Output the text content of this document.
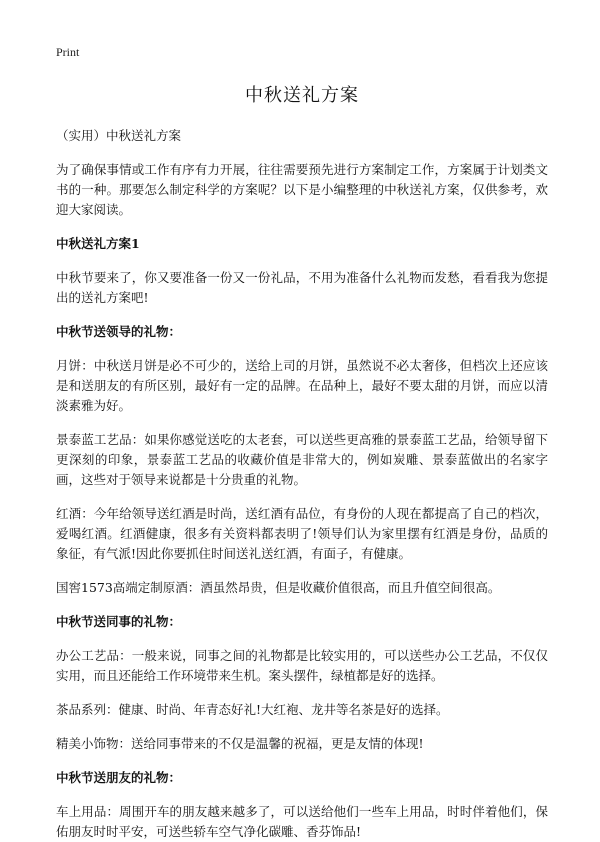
Print
中秋送礼方案

（实用）中秋送礼方案

为了确保事情或工作有序有力开展，往往需要预先进行方案制定工作，方案属于计划类文书的一种。那要怎么制定科学的方案呢？以下是小编整理的中秋送礼方案，仅供参考，欢迎大家阅读。

中秋送礼方案1

中秋节要来了，你又要准备一份又一份礼品，不用为准备什么礼物而发愁，看看我为您提出的送礼方案吧!

中秋节送领导的礼物：

月饼：中秋送月饼是必不可少的，送给上司的月饼，虽然说不必太奢侈，但档次上还应该是和送朋友的有所区别，最好有一定的品牌。在品种上，最好不要太甜的月饼，而应以清淡素雅为好。

景泰蓝工艺品：如果你感觉送吃的太老套，可以送些更高雅的景泰蓝工艺品，给领导留下更深刻的印象，景泰蓝工艺品的收藏价值是非常大的，例如炭雕、景泰蓝做出的名家字画，这些对于领导来说都是十分贵重的礼物。

红酒：今年给领导送红酒是时尚，送红酒有品位，有身份的人现在都提高了自己的档次，爱喝红酒。红酒健康，很多有关资料都表明了!领导们认为家里摆有红酒是身份，品质的象征，有气派!因此你要抓住时间送礼送红酒，有面子，有健康。

国窖1573高端定制原酒：酒虽然昂贵，但是收藏价值很高，而且升值空间很高。

中秋节送同事的礼物：

办公工艺品：一般来说，同事之间的礼物都是比较实用的，可以送些办公工艺品，不仅仅实用，而且还能给工作环境带来生机。案头摆件，绿植都是好的选择。

茶品系列：健康、时尚、年青态好礼!大红袍、龙井等名茶是好的选择。

精美小饰物：送给同事带来的不仅是温馨的祝福，更是友情的体现!

中秋节送朋友的礼物：

车上用品：周围开车的朋友越来越多了，可以送给他们一些车上用品，时时伴着他们，保佑朋友时时平安，可送些轿车空气净化碳雕、香芬饰品!
